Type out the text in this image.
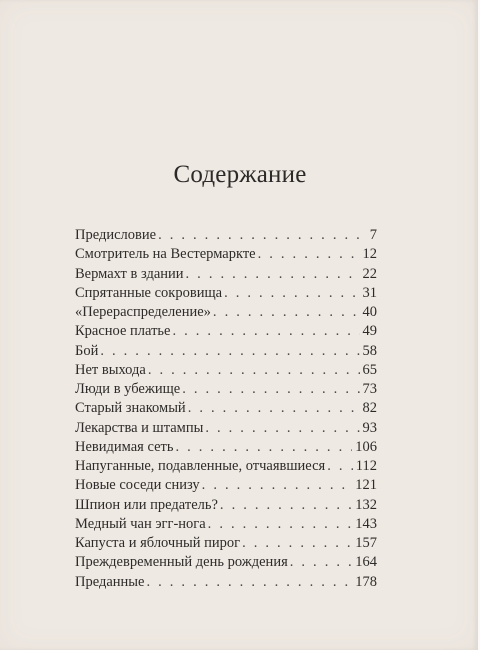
Содержание
Предисловие . . .	7
Смотритель на Вестермаркте . . .	12
Вермахт в здании . . .	22
Спрятанные сокровища . . .	31
«Перераспределение» . . .	40
Красное платье . . .	49
Бой . . .	58
Нет выхода . . .	65
Люди в убежище . . .	73
Старый знакомый . . .	82
Лекарства и штампы . . .	93
Невидимая сеть . . .	106
Напуганные, подавленные, отчаявшиеся . . . 112
Новые соседи снизу . . .	121
Шпион или предатель? . . .	132
Медный чан эгг-нога . . .	143
Капуста и яблочный пирог . . .	157
Преждевременный день рождения . . .	164
Преданные . . .	178
